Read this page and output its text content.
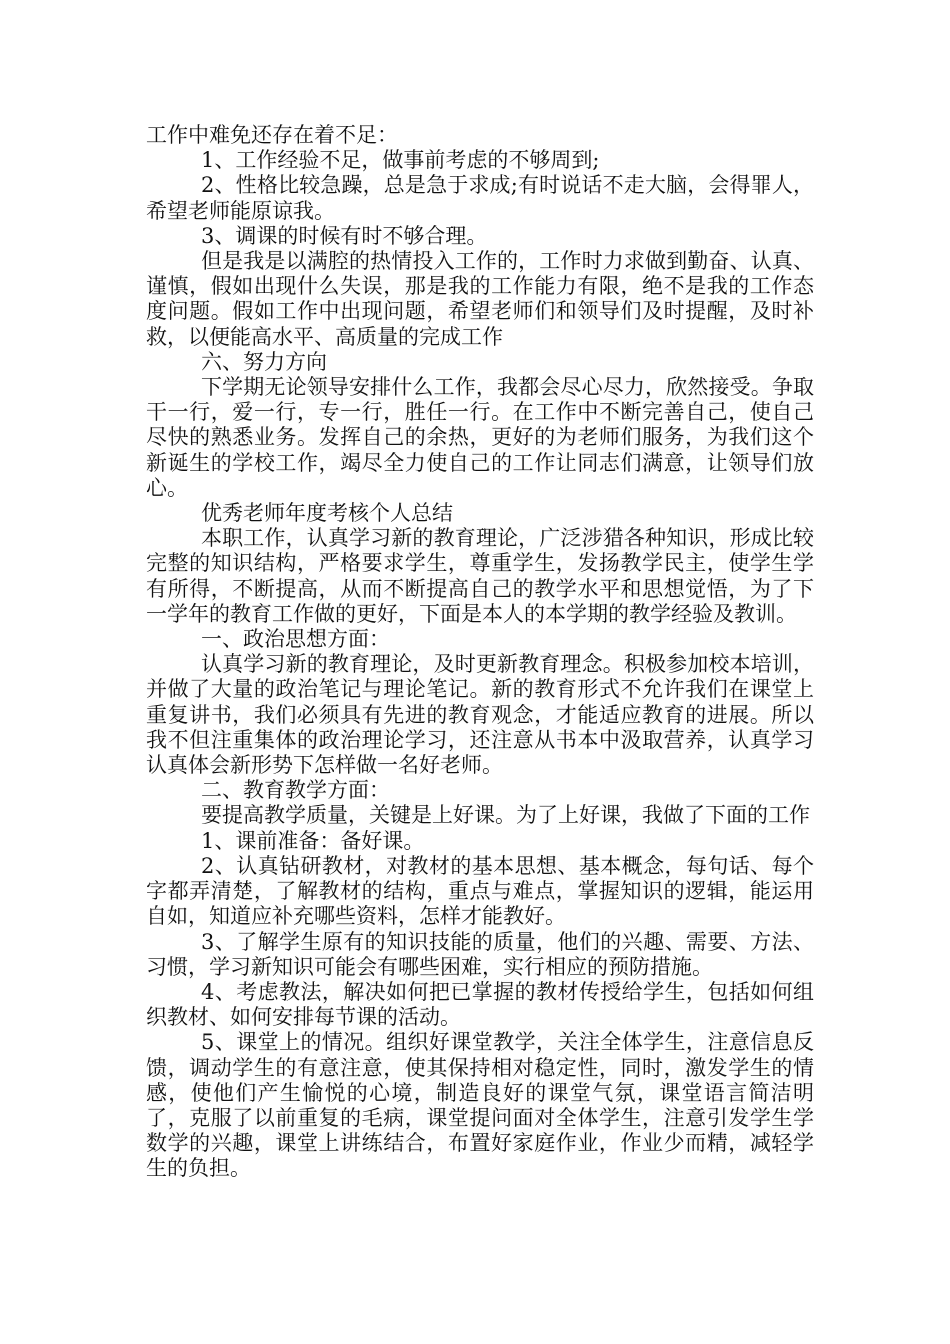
工作中难免还存在着不足：

1、工作经验不足，做事前考虑的不够周到;

2、性格比较急躁，总是急于求成;有时说话不走大脑，会得罪人，希望老师能原谅我。

3、调课的时候有时不够合理。

但是我是以满腔的热情投入工作的，工作时力求做到勤奋、认真、谨慎，假如出现什么失误，那是我的工作能力有限，绝不是我的工作态度问题。假如工作中出现问题，希望老师们和领导们及时提醒，及时补救，以便能高水平、高质量的完成工作

六、努力方向

下学期无论领导安排什么工作，我都会尽心尽力，欣然接受。争取干一行，爱一行，专一行，胜任一行。在工作中不断完善自己，使自己尽快的熟悉业务。发挥自己的余热，更好的为老师们服务，为我们这个新诞生的学校工作，竭尽全力使自己的工作让同志们满意，让领导们放心。

优秀老师年度考核个人总结

本职工作，认真学习新的教育理论，广泛涉猎各种知识，形成比较完整的知识结构，严格要求学生，尊重学生，发扬教学民主，使学生学有所得，不断提高，从而不断提高自己的教学水平和思想觉悟，为了下一学年的教育工作做的更好，下面是本人的本学期的教学经验及教训。

一、政治思想方面：

认真学习新的教育理论，及时更新教育理念。积极参加校本培训，并做了大量的政治笔记与理论笔记。新的教育形式不允许我们在课堂上重复讲书，我们必须具有先进的教育观念，才能适应教育的进展。所以我不但注重集体的政治理论学习，还注意从书本中汲取营养，认真学习认真体会新形势下怎样做一名好老师。

二、教育教学方面：

要提高教学质量，关键是上好课。为了上好课，我做了下面的工作

1、课前准备：备好课。

2、认真钻研教材，对教材的基本思想、基本概念，每句话、每个字都弄清楚，了解教材的结构，重点与难点，掌握知识的逻辑，能运用自如，知道应补充哪些资料，怎样才能教好。

3、了解学生原有的知识技能的质量，他们的兴趣、需要、方法、习惯，学习新知识可能会有哪些困难，实行相应的预防措施。

4、考虑教法，解决如何把已掌握的教材传授给学生，包括如何组织教材、如何安排每节课的活动。

5、课堂上的情况。组织好课堂教学，关注全体学生，注意信息反馈，调动学生的有意注意，使其保持相对稳定性，同时，激发学生的情感，使他们产生愉悦的心境，制造良好的课堂气氛，课堂语言简洁明了，克服了以前重复的毛病，课堂提问面对全体学生，注意引发学生学数学的兴趣，课堂上讲练结合，布置好家庭作业，作业少而精，减轻学生的负担。
